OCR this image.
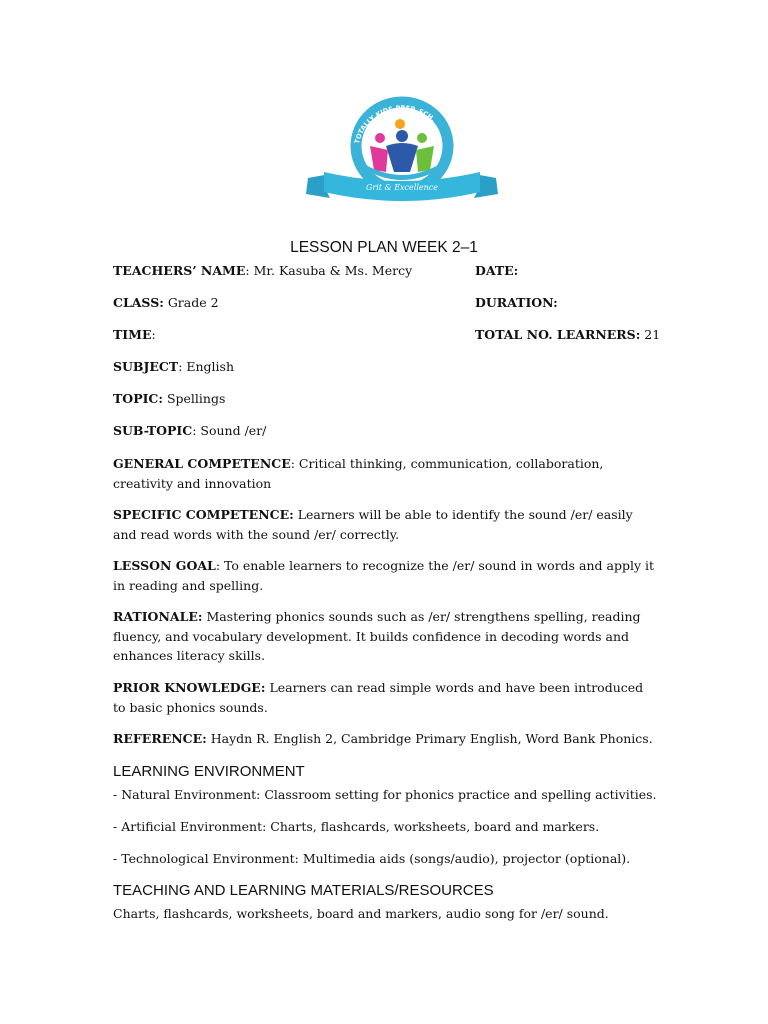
TOTALLY KIDS PREP. SCH.
Grit & Excellence
LESSON PLAN WEEK 2–1
TEACHERS’ NAME: Mr. Kasuba & Ms. Mercy	DATE:
CLASS: Grade 2	DURATION:
TIME:	TOTAL NO. LEARNERS: 21
SUBJECT: English
TOPIC: Spellings
SUB-TOPIC: Sound /er/
GENERAL COMPETENCE: Critical thinking, communication, collaboration, creativity and innovation
SPECIFIC COMPETENCE: Learners will be able to identify the sound /er/ easily and read words with the sound /er/ correctly.
LESSON GOAL: To enable learners to recognize the /er/ sound in words and apply it in reading and spelling.
RATIONALE: Mastering phonics sounds such as /er/ strengthens spelling, reading fluency, and vocabulary development. It builds confidence in decoding words and enhances literacy skills.
PRIOR KNOWLEDGE: Learners can read simple words and have been introduced to basic phonics sounds.
REFERENCE: Haydn R. English 2, Cambridge Primary English, Word Bank Phonics.
LEARNING ENVIRONMENT
- Natural Environment: Classroom setting for phonics practice and spelling activities.
- Artificial Environment: Charts, flashcards, worksheets, board and markers.
- Technological Environment: Multimedia aids (songs/audio), projector (optional).
TEACHING AND LEARNING MATERIALS/RESOURCES
Charts, flashcards, worksheets, board and markers, audio song for /er/ sound.
